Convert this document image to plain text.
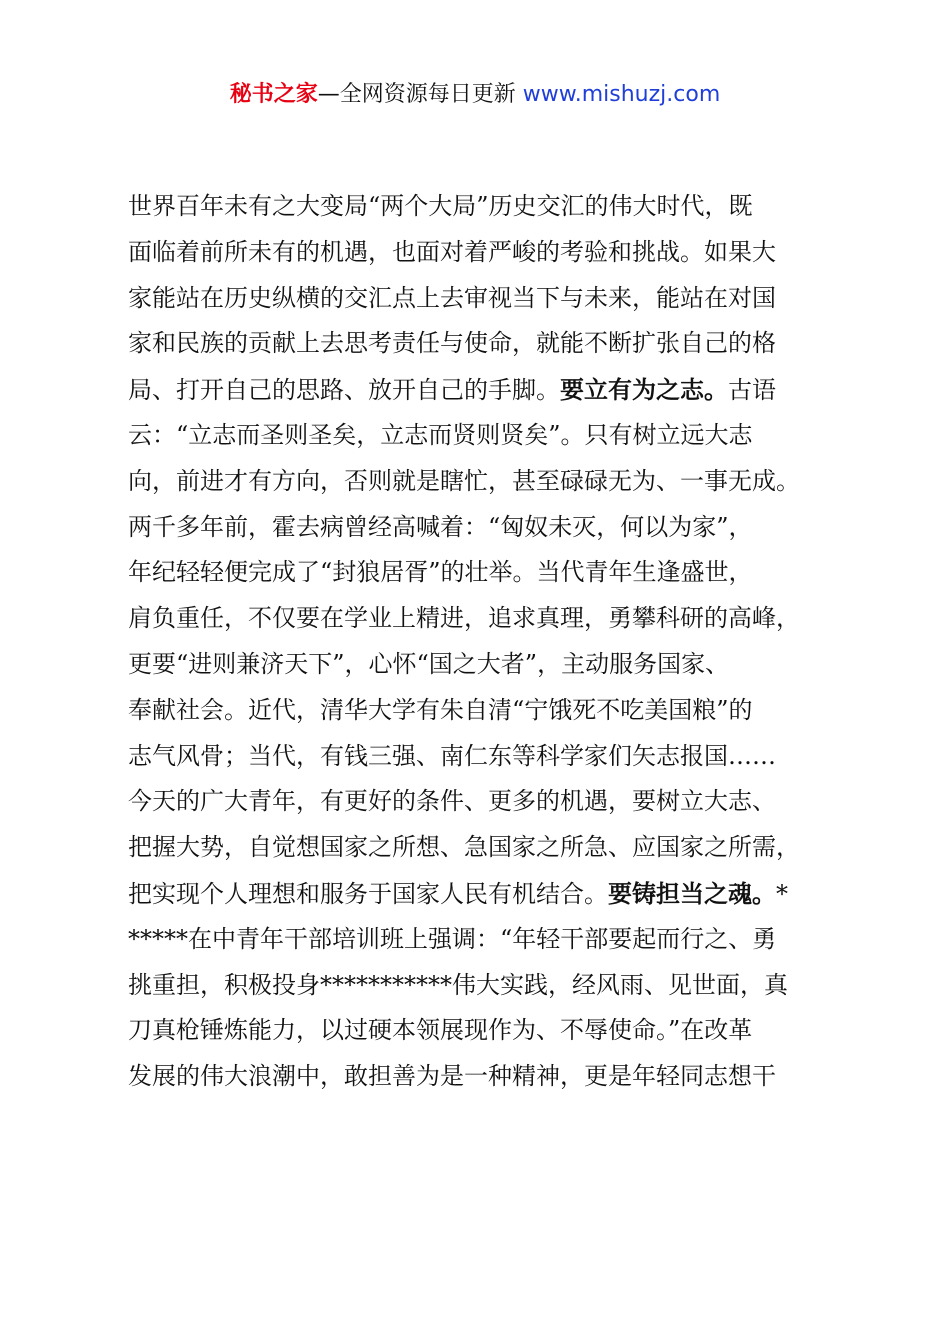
秘书之家—全网资源每日更新 www.mishuzj.com
世界百年未有之大变局“两个大局”历史交汇的伟大时代，既
面临着前所未有的机遇，也面对着严峻的考验和挑战。如果大
家能站在历史纵横的交汇点上去审视当下与未来，能站在对国
家和民族的贡献上去思考责任与使命，就能不断扩张自己的格
局、打开自己的思路、放开自己的手脚。要立有为之志。古语
云：“立志而圣则圣矣，立志而贤则贤矣”。只有树立远大志
向，前进才有方向，否则就是瞎忙，甚至碌碌无为、一事无成。
两千多年前，霍去病曾经高喊着：“匈奴未灭，何以为家”，
年纪轻轻便完成了“封狼居胥”的壮举。当代青年生逢盛世，
肩负重任，不仅要在学业上精进，追求真理，勇攀科研的高峰，
更要“进则兼济天下”，心怀“国之大者”，主动服务国家、
奉献社会。近代，清华大学有朱自清“宁饿死不吃美国粮”的
志气风骨；当代，有钱三强、南仁东等科学家们矢志报国……
今天的广大青年，有更好的条件、更多的机遇，要树立大志、
把握大势，自觉想国家之所想、急国家之所急、应国家之所需，
把实现个人理想和服务于国家人民有机结合。要铸担当之魂。*
*****在中青年干部培训班上强调：“年轻干部要起而行之、勇
挑重担，积极投身***********伟大实践，经风雨、见世面，真
刀真枪锤炼能力，以过硬本领展现作为、不辱使命。”在改革
发展的伟大浪潮中，敢担善为是一种精神，更是年轻同志想干
